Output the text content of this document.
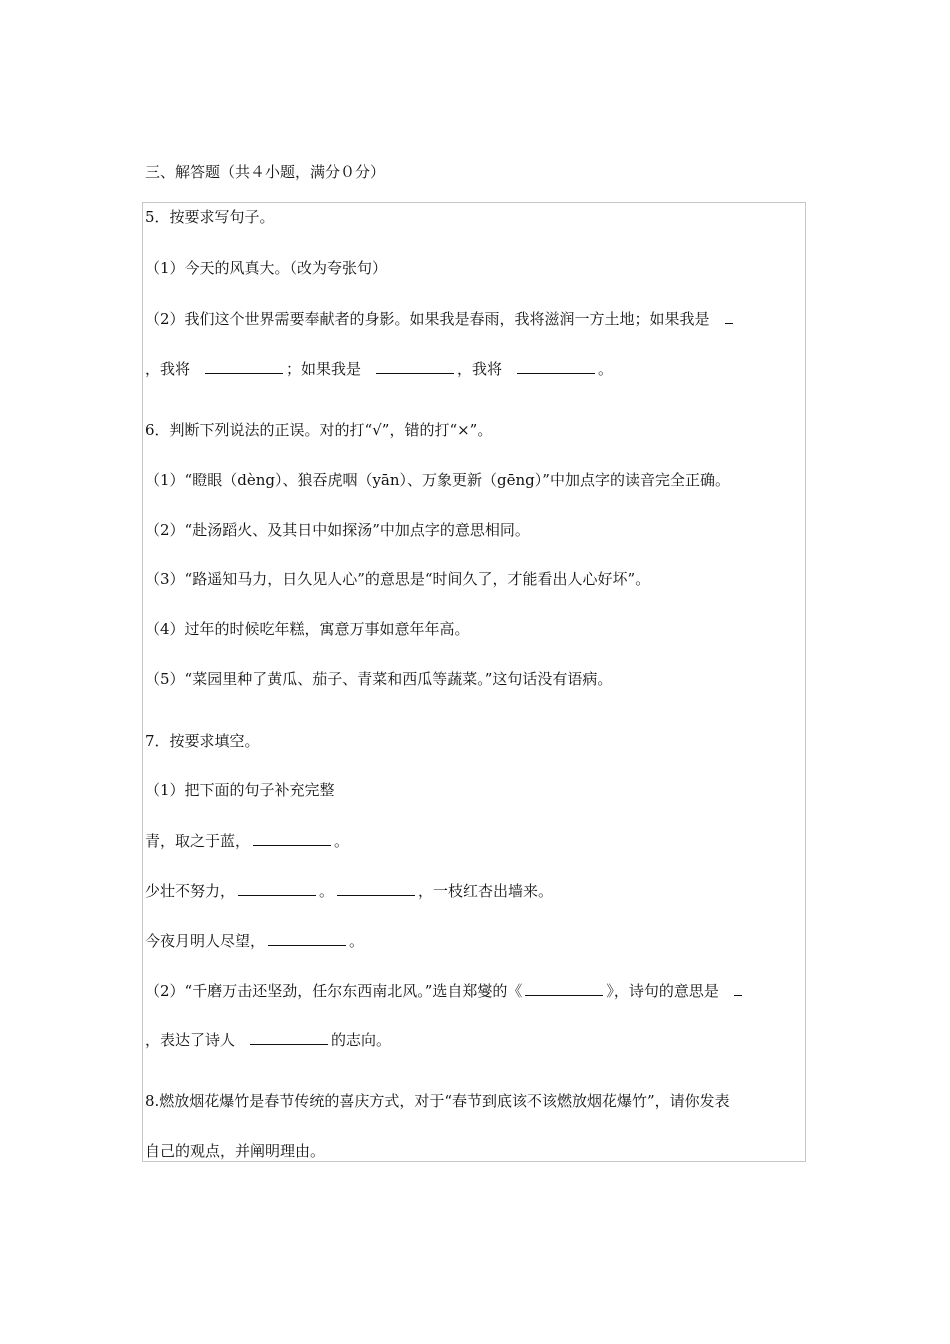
三、解答题（共４小题，满分０分）
5．按要求写句子。
（1）今天的风真大。（改为夸张句）
（2）我们这个世界需要奉献者的身影。如果我是春雨，我将滋润一方土地；如果我是
，我将	；如果我是	，我将	。
6．判断下列说法的正误。对的打“√”，错的打“×”。
（1）“瞪眼（dèng）、狼吞虎咽（yān）、万象更新（gēng）”中加点字的读音完全正确。
（2）“赴汤蹈火、及其日中如探汤”中加点字的意思相同。
（3）“路遥知马力，日久见人心”的意思是“时间久了，才能看出人心好坏”。
（4）过年的时候吃年糕，寓意万事如意年年高。
（5）“菜园里种了黄瓜、茄子、青菜和西瓜等蔬菜。”这句话没有语病。
7．按要求填空。
（1）把下面的句子补充完整
青，取之于蓝，	。
少壮不努力，	。	，一枝红杏出墙来。
今夜月明人尽望，	。
（2）“千磨万击还坚劲，任尔东西南北风。”选自郑燮的《	》，诗句的意思是
，表达了诗人	的志向。
8.燃放烟花爆竹是春节传统的喜庆方式，对于“春节到底该不该燃放烟花爆竹”，请你发表
自己的观点，并阐明理由。
